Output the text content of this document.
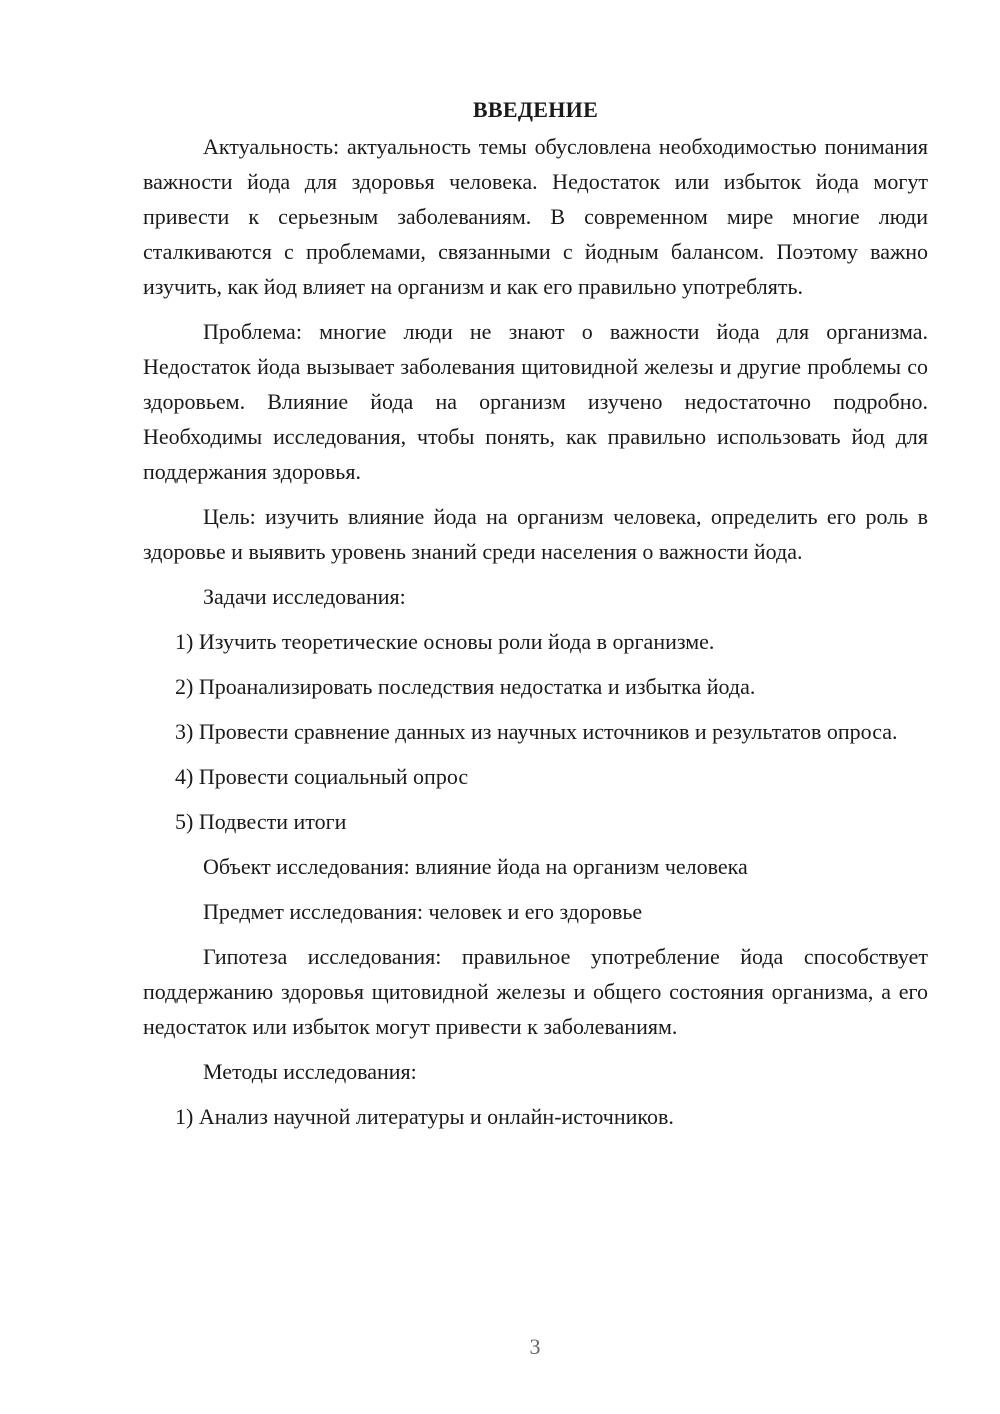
ВВЕДЕНИЕ
Актуальность: актуальность темы обусловлена необходимостью понимания важности йода для здоровья человека. Недостаток или избыток йода могут привести к серьезным заболеваниям. В современном мире многие люди сталкиваются с проблемами, связанными с йодным балансом. Поэтому важно изучить, как йод влияет на организм и как его правильно употреблять.
Проблема: многие люди не знают о важности йода для организма. Недостаток йода вызывает заболевания щитовидной железы и другие проблемы со здоровьем. Влияние йода на организм изучено недостаточно подробно. Необходимы исследования, чтобы понять, как правильно использовать йод для поддержания здоровья.
Цель: изучить влияние йода на организм человека, определить его роль в здоровье и выявить уровень знаний среди населения о важности йода.
Задачи исследования:
1) Изучить теоретические основы роли йода в организме.
2) Проанализировать последствия недостатка и избытка йода.
3) Провести сравнение данных из научных источников и результатов опроса.
4) Провести социальный опрос
5) Подвести итоги
Объект исследования: влияние йода на организм человека
Предмет исследования: человек и его здоровье
Гипотеза исследования: правильное употребление йода способствует поддержанию здоровья щитовидной железы и общего состояния организма, а его недостаток или избыток могут привести к заболеваниям.
Методы исследования:
1) Анализ научной литературы и онлайн-источников.
3
